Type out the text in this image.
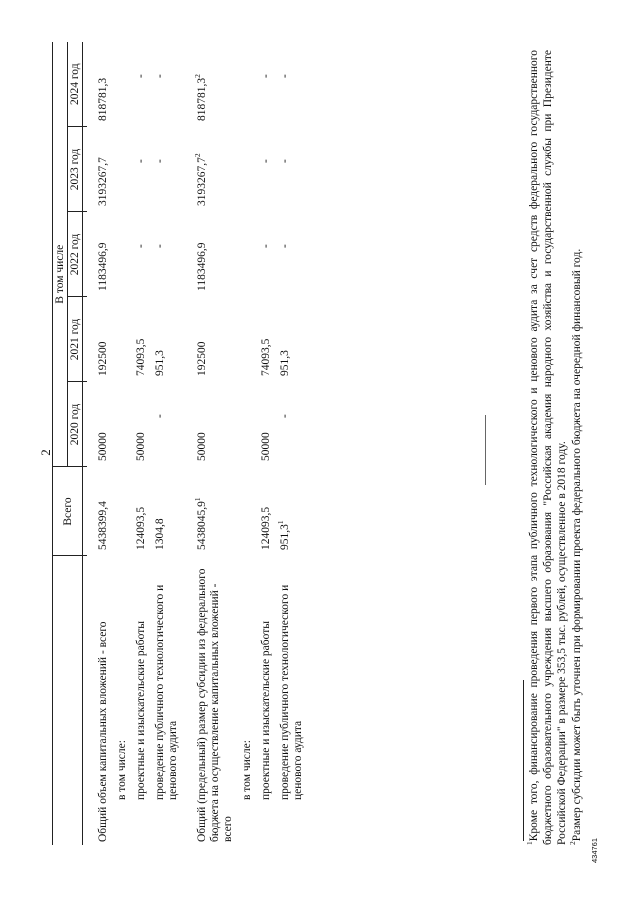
2
	Всего	В том числе				
		2020 год	2021 год	2022 год	2023 год	2024 год

Общий объем капитальных вложений - всего	5438399,4	50000	192500	1183496,9	3193267,7	818781,3
в том числе:						
проектные и изыскательские работы	124093,5	50000	74093,5	-	-	-
проведение публичного технологического и ценового аудита	1304,8	-	951,3	-	-	-
Общий (предельный) размер субсидии из федерального бюджета на осуществление капитальных вложений - всего	5438045,9$^1$	50000	192500	1183496,9	3193267,7$^2$	818781,3$^2$
в том числе:						
проектные и изыскательские работы	124093,5	50000	74093,5	-	-	-
проведение публичного технологического и ценового аудита	951,3$^1$	-	951,3	-	-	-

$^1$Кроме того, финансирование проведения первого этапа публичного технологического и ценового аудита за счет средств федерального государственного бюджетного образовательного учреждения высшего образования "Российская академия народного хозяйства и государственной службы при Президенте Российской Федерации" в размере 353,5 тыс. рублей, осуществленное в 2018 году. $^2$Размер субсидии может быть уточнен при формировании проекта федерального бюджета на очередной финансовый год.

434761
